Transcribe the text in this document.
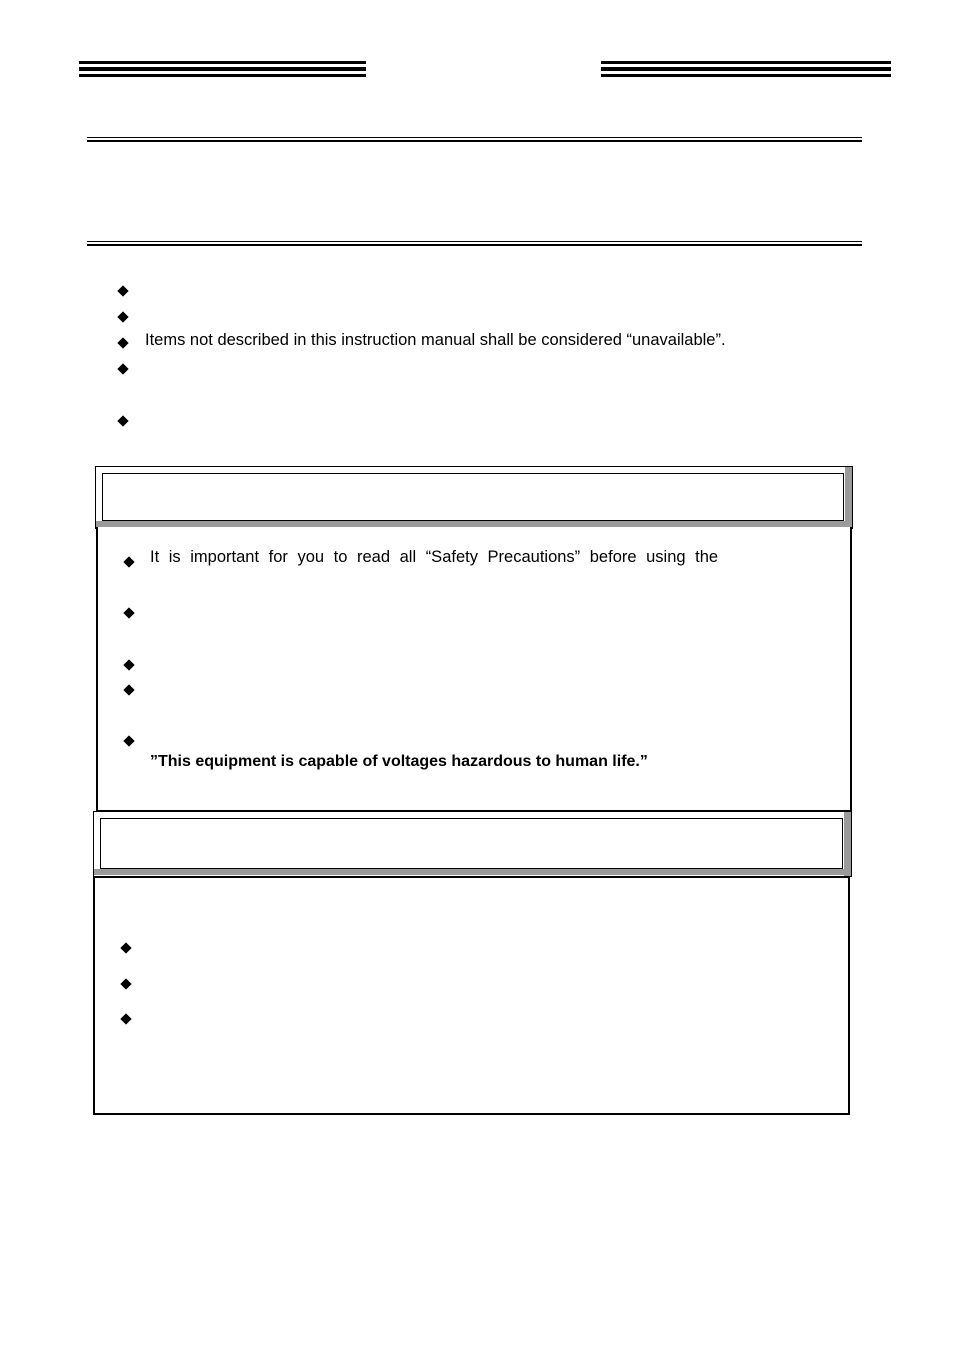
Items not described in this instruction manual shall be considered “unavailable”.
It is important for you to read all “Safety Precautions” before using the
”This equipment is capable of voltages hazardous to human life.”
